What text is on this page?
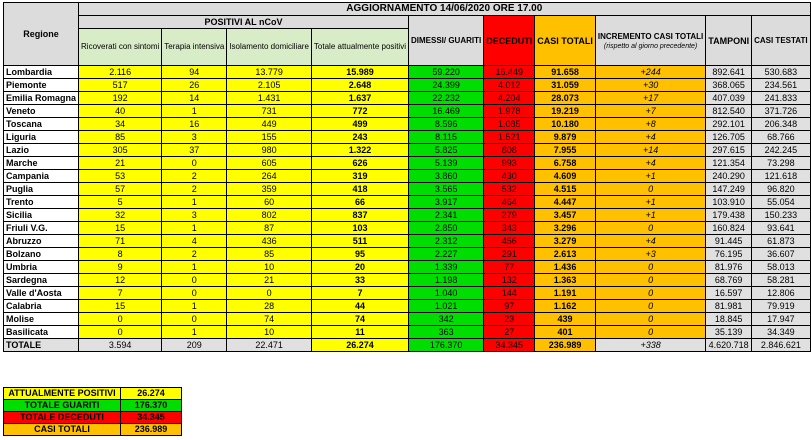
Regione	AGGIORNAMENTO 14/06/2020 ORE 17.00									
	POSITIVI AL nCoV				DIMESSI/ GUARITI	DECEDUTI	CASI TOTALI	INCREMENTO CASI TOTALI
(rispetto al giorno precedente)	TAMPONI	CASI TESTATI
	Ricoverati con sintomi	Terapia intensiva	Isolamento domiciliare	Totale attualmente positivi						
Lombardia	2.116	94	13.779	15.989	59.220	16.449	91.658	+244	892.641	530.683
Piemonte	517	26	2.105	2.648	24.399	4.012	31.059	+30	368.065	234.561
Emilia Romagna	192	14	1.431	1.637	22.232	4.204	28.073	+17	407.039	241.833
Veneto	40	1	731	772	16.469	1.978	19.219	+7	812.540	371.726
Toscana	34	16	449	499	8.596	1.085	10.180	+8	292.101	206.348
Liguria	85	3	155	243	8.115	1.521	9.879	+4	126.705	68.766
Lazio	305	37	980	1.322	5.825	808	7.955	+14	297.615	242.245
Marche	21	0	605	626	5.139	993	6.758	+4	121.354	73.298
Campania	53	2	264	319	3.860	430	4.609	+1	240.290	121.618
Puglia	57	2	359	418	3.565	532	4.515	0	147.249	96.820
Trento	5	1	60	66	3.917	464	4.447	+1	103.910	55.054
Sicilia	32	3	802	837	2.341	279	3.457	+1	179.438	150.233
Friuli V.G.	15	1	87	103	2.850	343	3.296	0	160.824	93.641
Abruzzo	71	4	436	511	2.312	456	3.279	+4	91.445	61.873
Bolzano	8	2	85	95	2.227	291	2.613	+3	76.195	36.607
Umbria	9	1	10	20	1.339	77	1.436	0	81.976	58.013
Sardegna	12	0	21	33	1.198	132	1.363	0	68.769	58.281
Valle d'Aosta	7	0	0	7	1.040	144	1.191	0	16.597	12.806
Calabria	15	1	28	44	1.021	97	1.162	0	81.981	79.919
Molise	0	0	74	74	342	23	439	0	18.845	17.947
Basilicata	0	1	10	11	363	27	401	0	35.139	34.349
TOTALE	3.594	209	22.471	26.274	176.370	34.345	236.989	+338	4.620.718	2.846.621
ATTUALMENTE POSITIVI	26.274
TOTALE GUARITI	176.370
TOTALE DECEDUTI	34.345
CASI TOTALI	236.989
